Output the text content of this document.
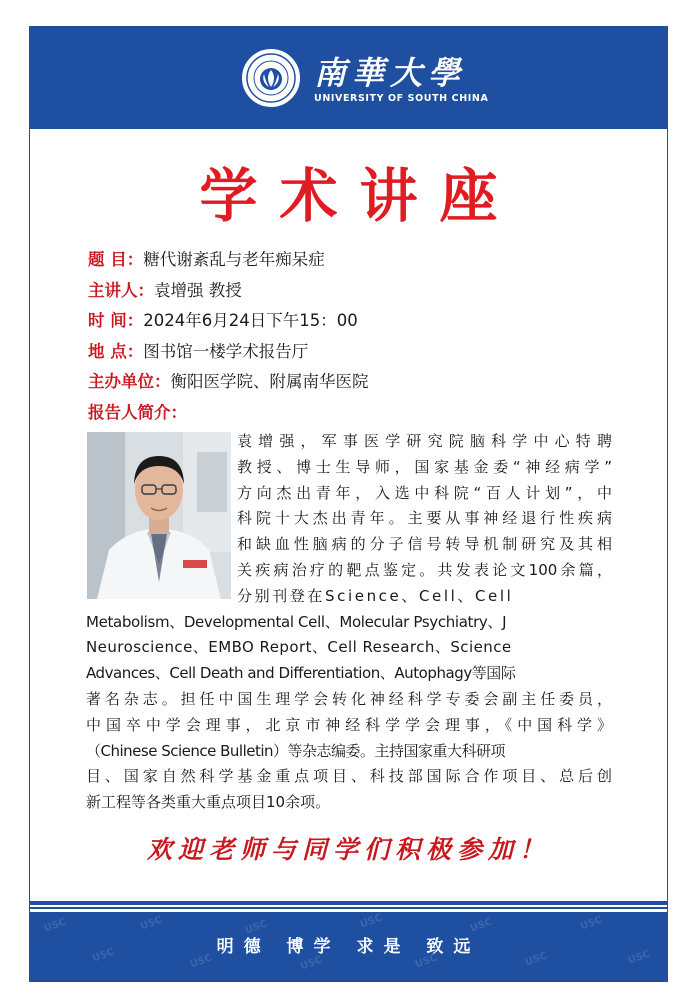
南華大學
UNIVERSITY OF SOUTH CHINA
学术讲座
题 目：糖代谢紊乱与老年痴呆症
主讲人：袁增强 教授
时 间：2024年6月24日下午15：00
地 点：图书馆一楼学术报告厅
主办单位：衡阳医学院、附属南华医院
报告人简介：
袁增强，军事医学研究院脑科学中心特聘
教授、博士生导师，国家基金委“神经病学”
方向杰出青年，入选中科院“百人计划”，中
科院十大杰出青年。主要从事神经退行性疾病
和缺血性脑病的分子信号转导机制研究及其相
关疾病治疗的靶点鉴定。共发表论文100余篇，
分别刊登在Science、Cell、Cell
Metabolism、Developmental Cell、Molecular Psychiatry、J
Neuroscience、EMBO Report、Cell Research、Science
Advances、Cell Death and Differentiation、Autophagy等国际
著名杂志。担任中国生理学会转化神经科学专委会副主任委员，
中国卒中学会理事，北京市神经科学学会理事，《中国科学》
（Chinese Science Bulletin）等杂志编委。主持国家重大科研项
目、国家自然科学基金重点项目、科技部国际合作项目、总后创
新工程等各类重大重点项目10余项。
欢迎老师与同学们积极参加！
USC
USC
USC
USC
USC
USC
USC
USC
USC
USC
USC
USC
明德 博学 求是 致远
